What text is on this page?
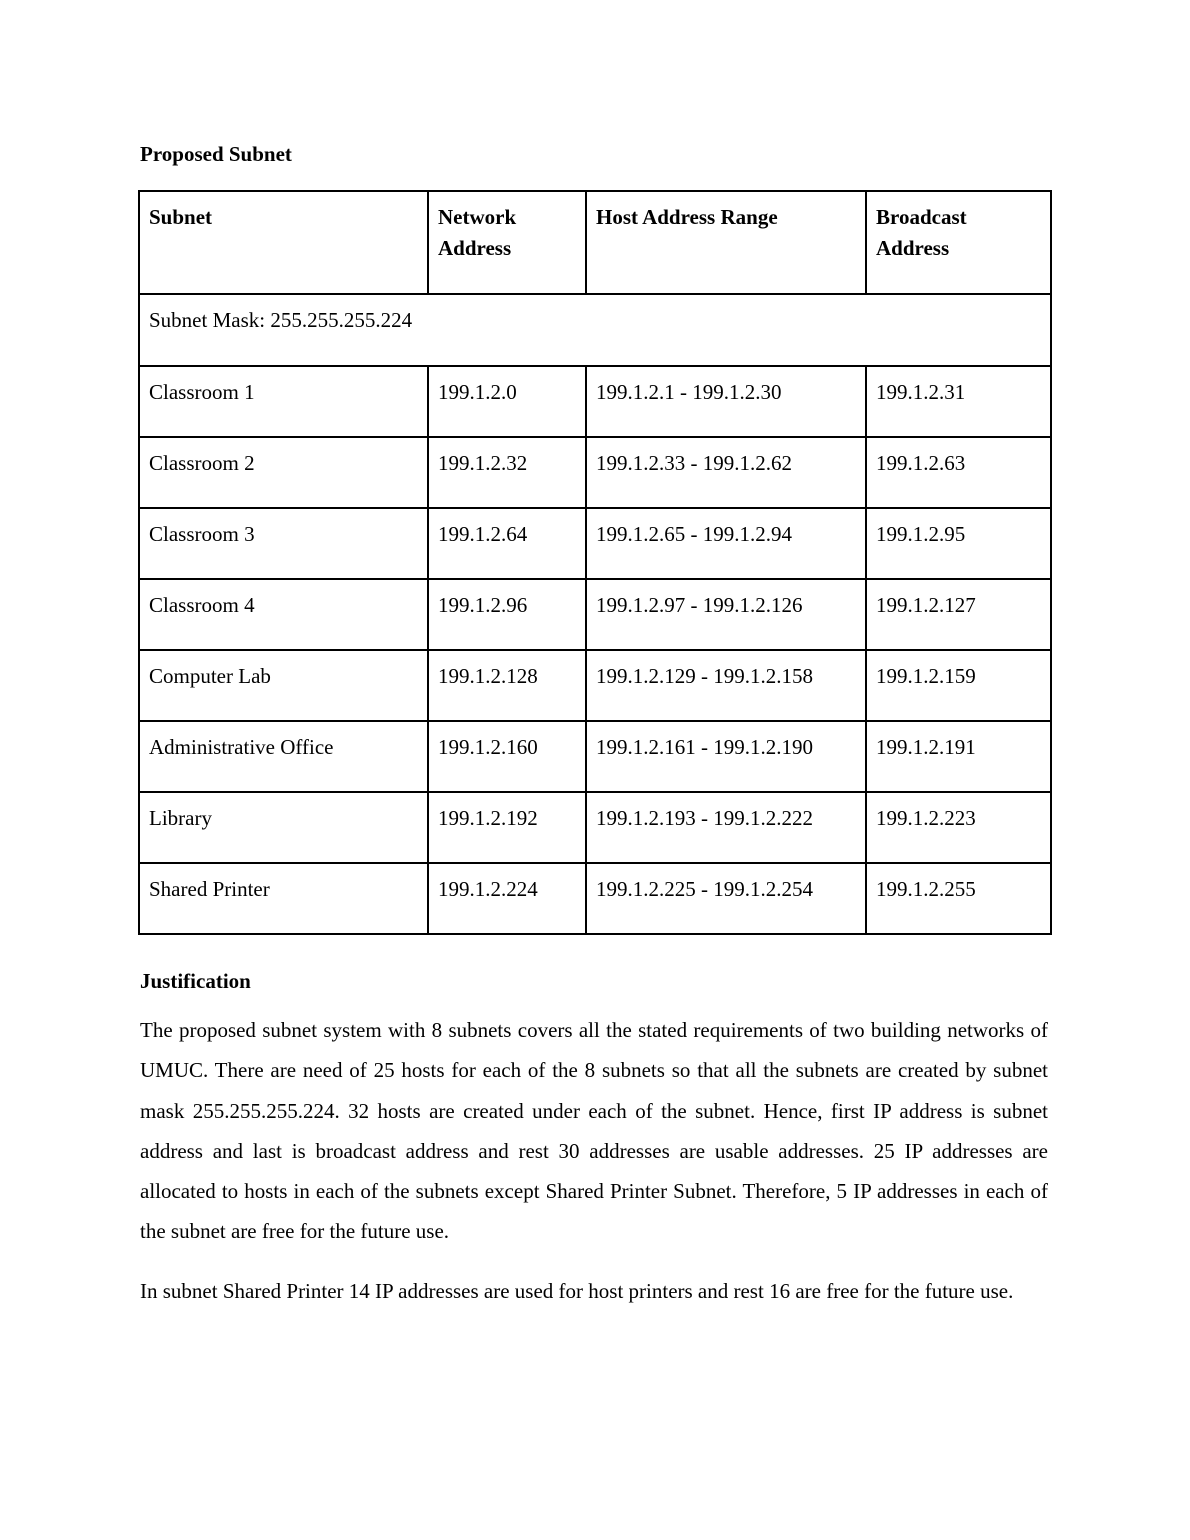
Proposed Subnet
Subnet	Network Address	Host Address Range	Broadcast Address
Subnet Mask: 255.255.255.224			
Classroom 1	199.1.2.0	199.1.2.1 - 199.1.2.30	199.1.2.31
Classroom 2	199.1.2.32	199.1.2.33 - 199.1.2.62	199.1.2.63
Classroom 3	199.1.2.64	199.1.2.65 - 199.1.2.94	199.1.2.95
Classroom 4	199.1.2.96	199.1.2.97 - 199.1.2.126	199.1.2.127
Computer Lab	199.1.2.128	199.1.2.129 - 199.1.2.158	199.1.2.159
Administrative Office	199.1.2.160	199.1.2.161 - 199.1.2.190	199.1.2.191
Library	199.1.2.192	199.1.2.193 - 199.1.2.222	199.1.2.223
Shared Printer	199.1.2.224	199.1.2.225 - 199.1.2.254	199.1.2.255
Justification

The proposed subnet system with 8 subnets covers all the stated requirements of two building networks of UMUC. There are need of 25 hosts for each of the 8 subnets so that all the subnets are created by subnet mask 255.255.255.224. 32 hosts are created under each of the subnet. Hence, first IP address is subnet address and last is broadcast address and rest 30 addresses are usable addresses. 25 IP addresses are allocated to hosts in each of the subnets except Shared Printer Subnet. Therefore, 5 IP addresses in each of the subnet are free for the future use.

In subnet Shared Printer 14 IP addresses are used for host printers and rest 16 are free for the future use.
